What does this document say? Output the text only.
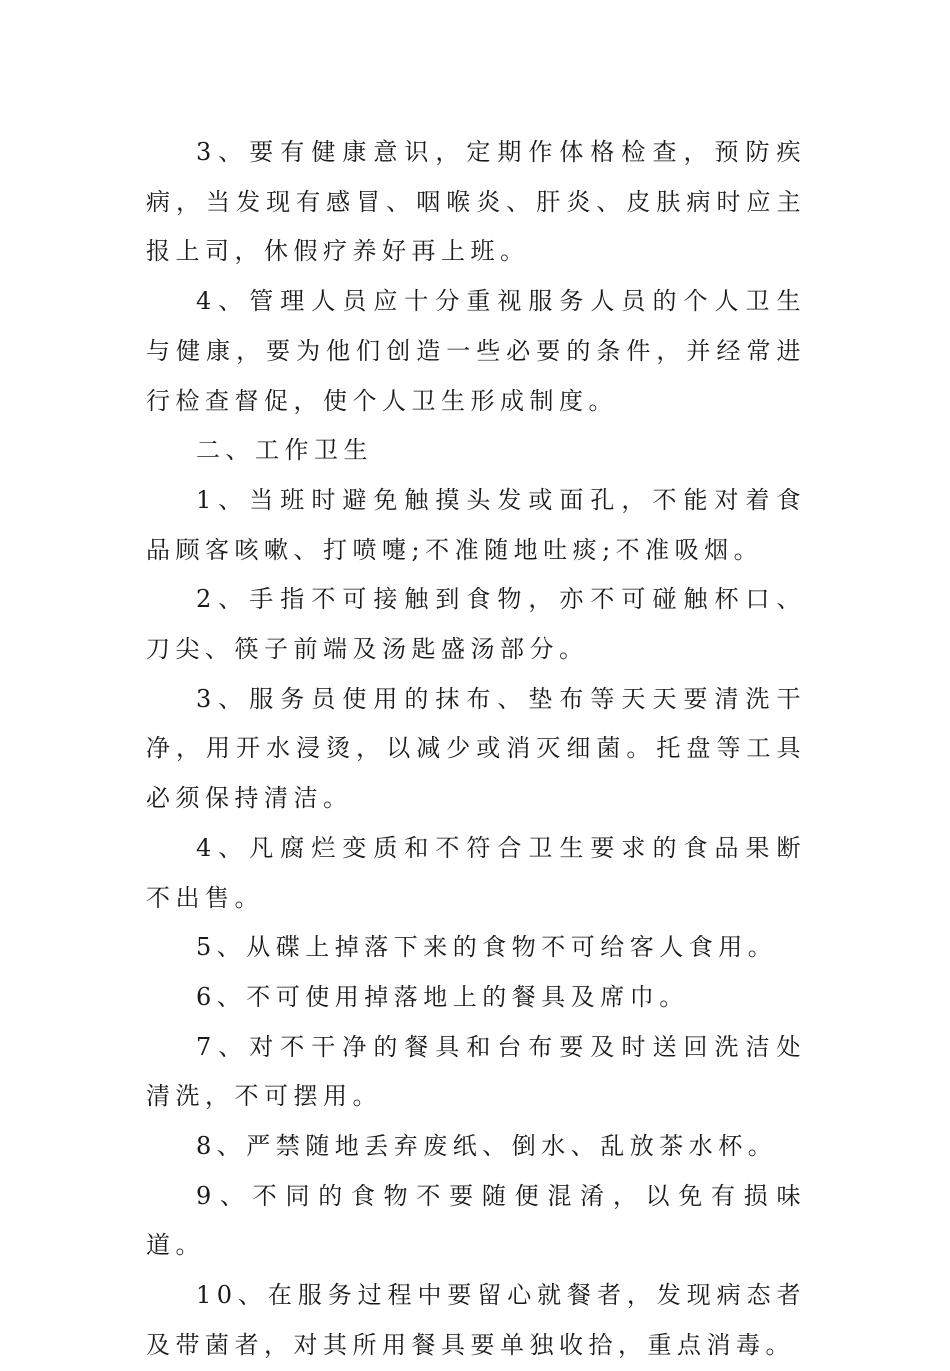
3、要有健康意识，定期作体格检查，预防疾病，当发现有感冒、咽喉炎、肝炎、皮肤病时应主报上司，休假疗养好再上班。

4、管理人员应十分重视服务人员的个人卫生与健康，要为他们创造一些必要的条件，并经常进行检查督促，使个人卫生形成制度。

二、工作卫生

1、当班时避免触摸头发或面孔，不能对着食品顾客咳嗽、打喷嚏;不准随地吐痰;不准吸烟。

2、手指不可接触到食物，亦不可碰触杯口、刀尖、筷子前端及汤匙盛汤部分。

3、服务员使用的抹布、垫布等天天要清洗干净，用开水浸烫，以减少或消灭细菌。托盘等工具必须保持清洁。

4、凡腐烂变质和不符合卫生要求的食品果断不出售。

5、从碟上掉落下来的食物不可给客人食用。

6、不可使用掉落地上的餐具及席巾。

7、对不干净的餐具和台布要及时送回洗洁处清洗，不可摆用。

8、严禁随地丢弃废纸、倒水、乱放茶水杯。

9、不同的食物不要随便混淆，以免有损味道。

10、在服务过程中要留心就餐者，发现病态者及带菌者，对其所用餐具要单独收拾，重点消毒。
